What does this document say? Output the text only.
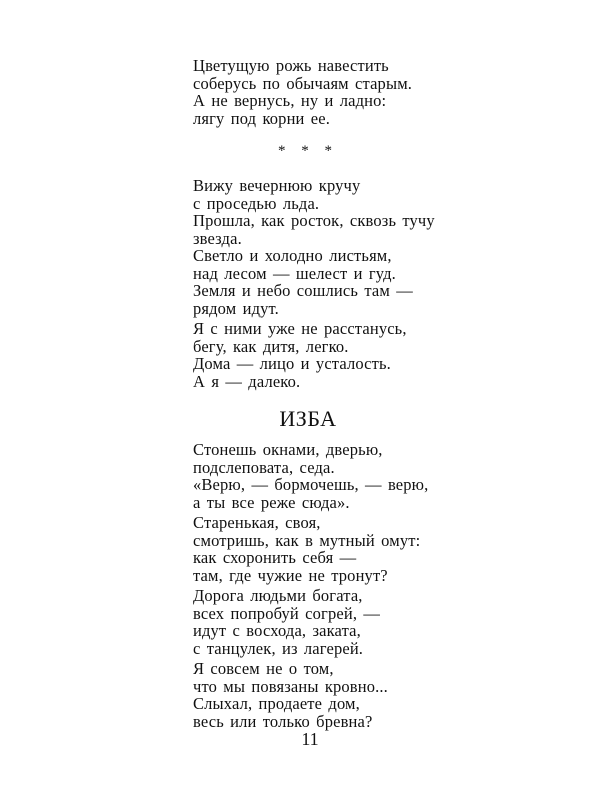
Цветущую рожь навестить
соберусь по обычаям старым.
А не вернусь, ну и ладно:
лягу под корни ее.
* * *
Вижу вечернюю кручу
с проседью льда.
Прошла, как росток, сквозь тучу
звезда.
Светло и холодно листьям,
над лесом — шелест и гуд.
Земля и небо сошлись там —
рядом идут.
Я с ними уже не расстанусь,
бегу, как дитя, легко.
Дома — лицо и усталость.
А я — далеко.
ИЗБА
Стонешь окнами, дверью,
подслеповата, седа.
«Верю, — бормочешь, — верю,
а ты все реже сюда».
Старенькая, своя,
смотришь, как в мутный омут:
как схоронить себя —
там, где чужие не тронут?
Дорога людьми богата,
всех попробуй согрей, —
идут с восхода, заката,
с танцулек, из лагерей.
Я совсем не о том,
что мы повязаны кровно...
Слыхал, продаете дом,
весь или только бревна?
11
